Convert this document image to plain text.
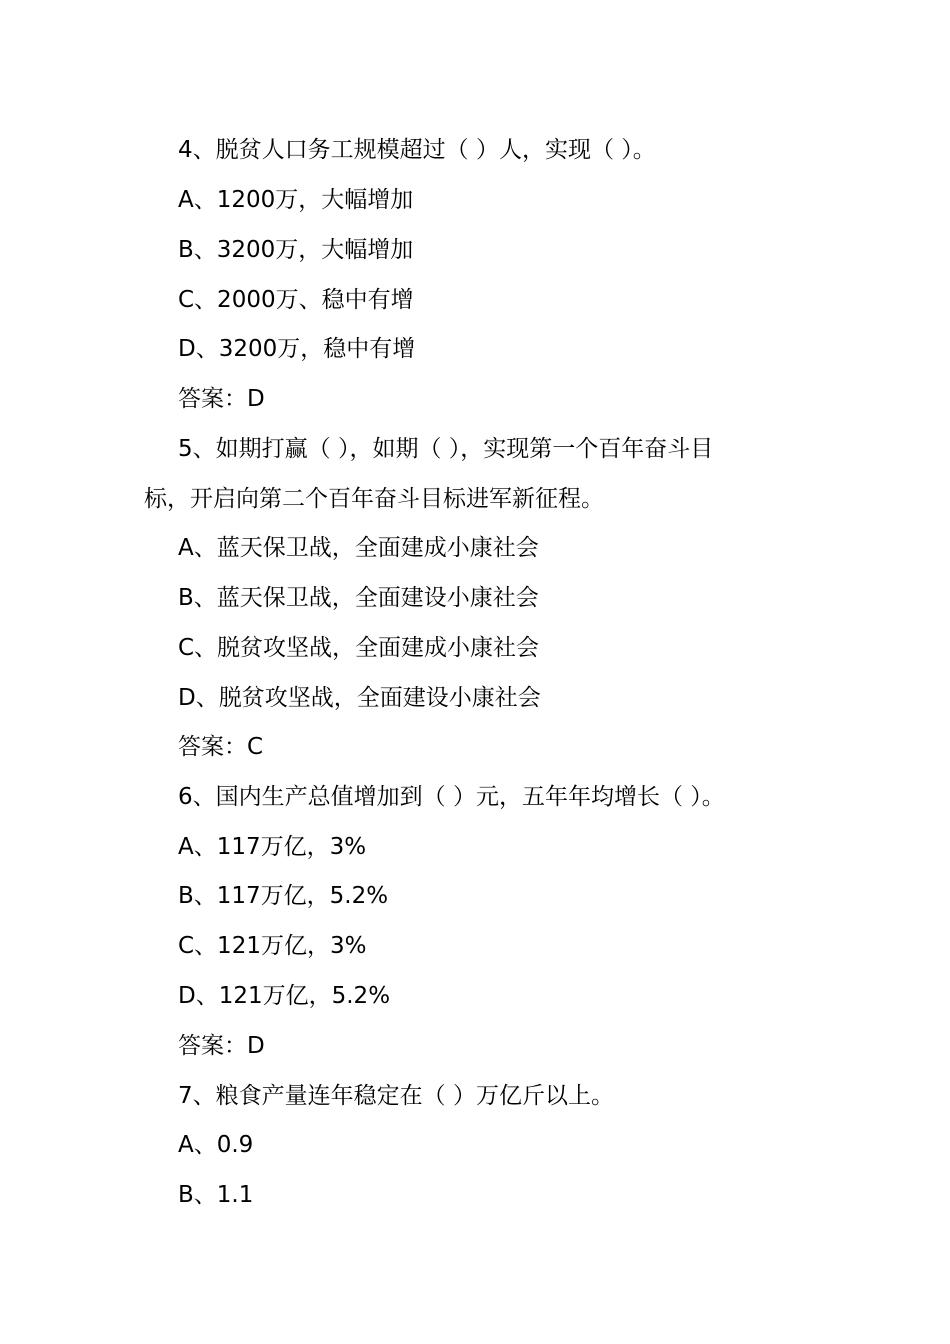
4、脱贫人口务工规模超过（ ）人，实现（ ）。
A、1200万，大幅增加
B、3200万，大幅增加
C、2000万、稳中有增
D、3200万，稳中有增
答案：D
5、如期打赢（ ），如期（ ），实现第一个百年奋斗目
标，开启向第二个百年奋斗目标进军新征程。
A、蓝天保卫战，全面建成小康社会
B、蓝天保卫战，全面建设小康社会
C、脱贫攻坚战，全面建成小康社会
D、脱贫攻坚战，全面建设小康社会
答案：C
6、国内生产总值增加到（ ）元，五年年均增长（ ）。
A、117万亿，3%
B、117万亿，5.2%
C、121万亿，3%
D、121万亿，5.2%
答案：D
7、粮食产量连年稳定在（ ）万亿斤以上。
A、0.9
B、1.1
